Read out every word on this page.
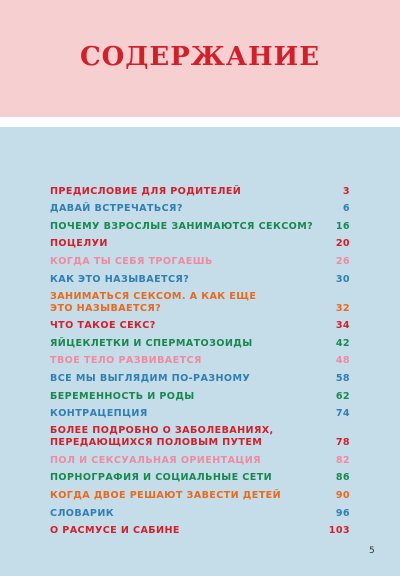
СОДЕРЖАНИЕ
ПРЕДИСЛОВИЕ ДЛЯ РОДИТЕЛЕЙ	3
ДАВАЙ ВСТРЕЧАТЬСЯ?	6
ПОЧЕМУ ВЗРОСЛЫЕ ЗАНИМАЮТСЯ СЕКСОМ?	16
ПОЦЕЛУИ	20
КОГДА ТЫ СЕБЯ ТРОГАЕШЬ	26
КАК ЭТО НАЗЫВАЕТСЯ?	30
ЗАНИМАТЬСЯ СЕКСОМ. А КАК ЕЩЕ
ЭТО НАЗЫВАЕТСЯ?	32
ЧТО ТАКОЕ СЕКС?	34
ЯЙЦЕКЛЕТКИ И СПЕРМАТОЗОИДЫ	42
ТВОЕ ТЕЛО РАЗВИВАЕТСЯ	48
ВСЕ МЫ ВЫГЛЯДИМ ПО-РАЗНОМУ	58
БЕРЕМЕННОСТЬ И РОДЫ	62
КОНТРАЦЕПЦИЯ	74
БОЛЕЕ ПОДРОБНО О ЗАБОЛЕВАНИЯХ,
ПЕРЕДАЮЩИХСЯ ПОЛОВЫМ ПУТЕМ	78
ПОЛ И СЕКСУАЛЬНАЯ ОРИЕНТАЦИЯ	82
ПОРНОГРАФИЯ И СОЦИАЛЬНЫЕ СЕТИ	86
КОГДА ДВОЕ РЕШАЮТ ЗАВЕСТИ ДЕТЕЙ	90
СЛОВАРИК	96
О РАСМУСЕ И САБИНЕ	103
5
